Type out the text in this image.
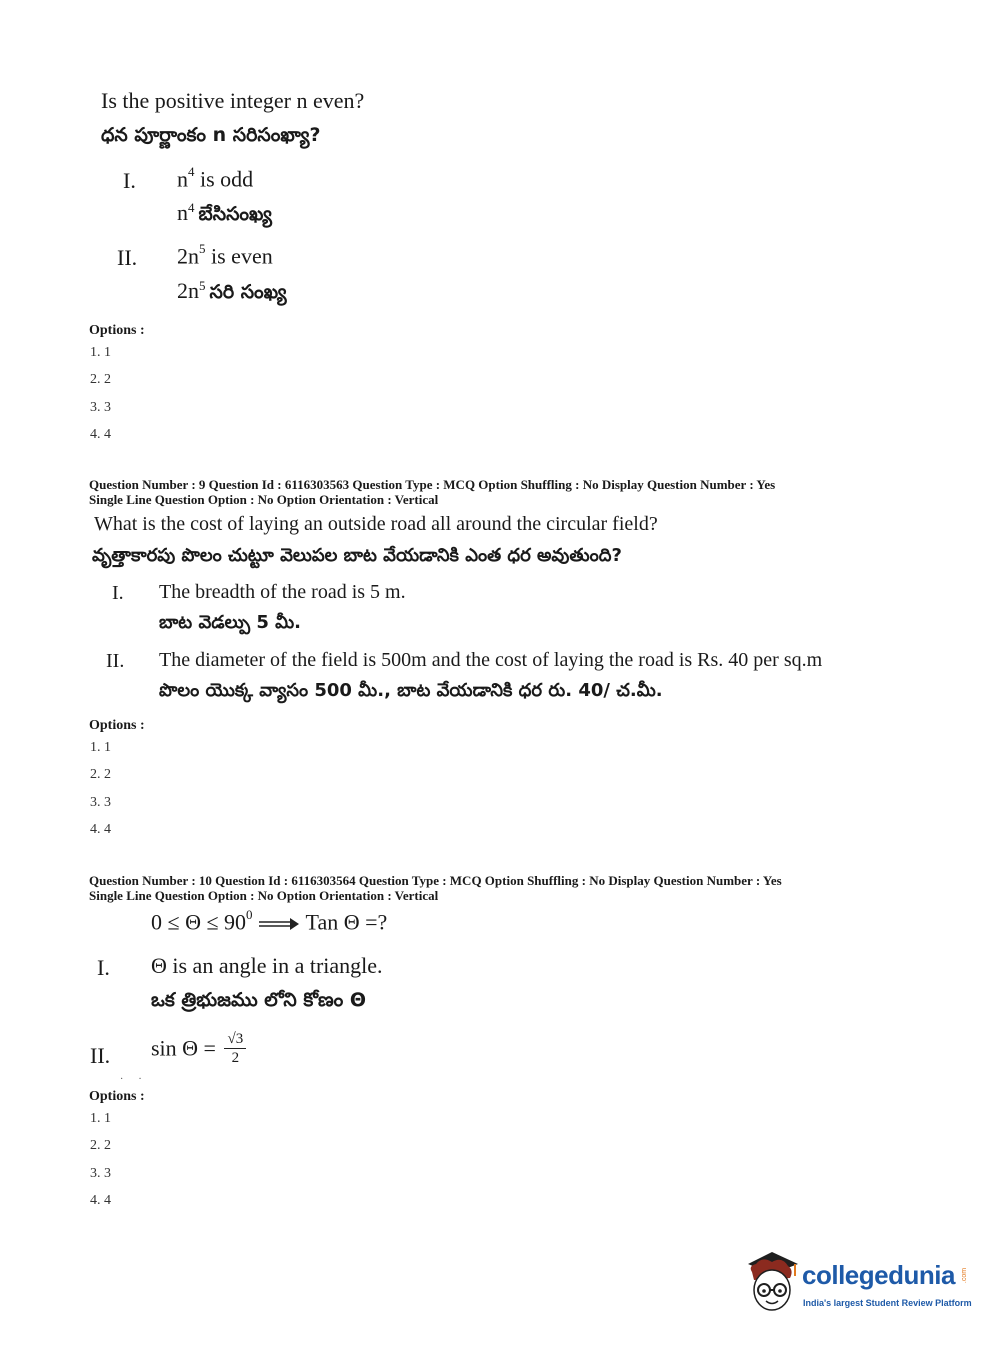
Is the positive integer n even?
ధన పూర్ణాంకం n సరిసంఖ్యా?
I. $n^4$ is odd
$n^4$ బేసిసంఖ్య
II. $2n^5$ is even
$2n^5$ సరి సంఖ్య
Options :
1. 1
2. 2
3. 3
4. 4
Question Number : 9 Question Id : 6116303563 Question Type : MCQ Option Shuffling : No Display Question Number : Yes
Single Line Question Option : No Option Orientation : Vertical
What is the cost of laying an outside road all around the circular field?
వృత్తాకారపు పొలం చుట్టూ వెలుపల బాట వేయడానికి ఎంత ధర అవుతుంది?
I. The breadth of the road is 5 m.
బాట వెడల్పు 5 మీ.
II. The diameter of the field is 500m and the cost of laying the road is Rs. 40 per sq.m
పొలం యొక్క వ్యాసం 500 మీ., బాట వేయడానికి ధర రు. 40/ చ.మీ.
Options :
1. 1
2. 2
3. 3
4. 4
Question Number : 10 Question Id : 6116303564 Question Type : MCQ Option Shuffling : No Display Question Number : Yes
Single Line Question Option : No Option Orientation : Vertical
$0 \le \Theta \le 90^0$ Tan Θ =?
I. Θ is an angle in a triangle.
ఒక త్రిభుజము లోని కోణం Θ
II. $\sin \Theta = \frac{√3}{2}$
·      ·
Options :
1. 1
2. 2
3. 3
4. 4
collegedunia .com
India's largest Student Review Platform
